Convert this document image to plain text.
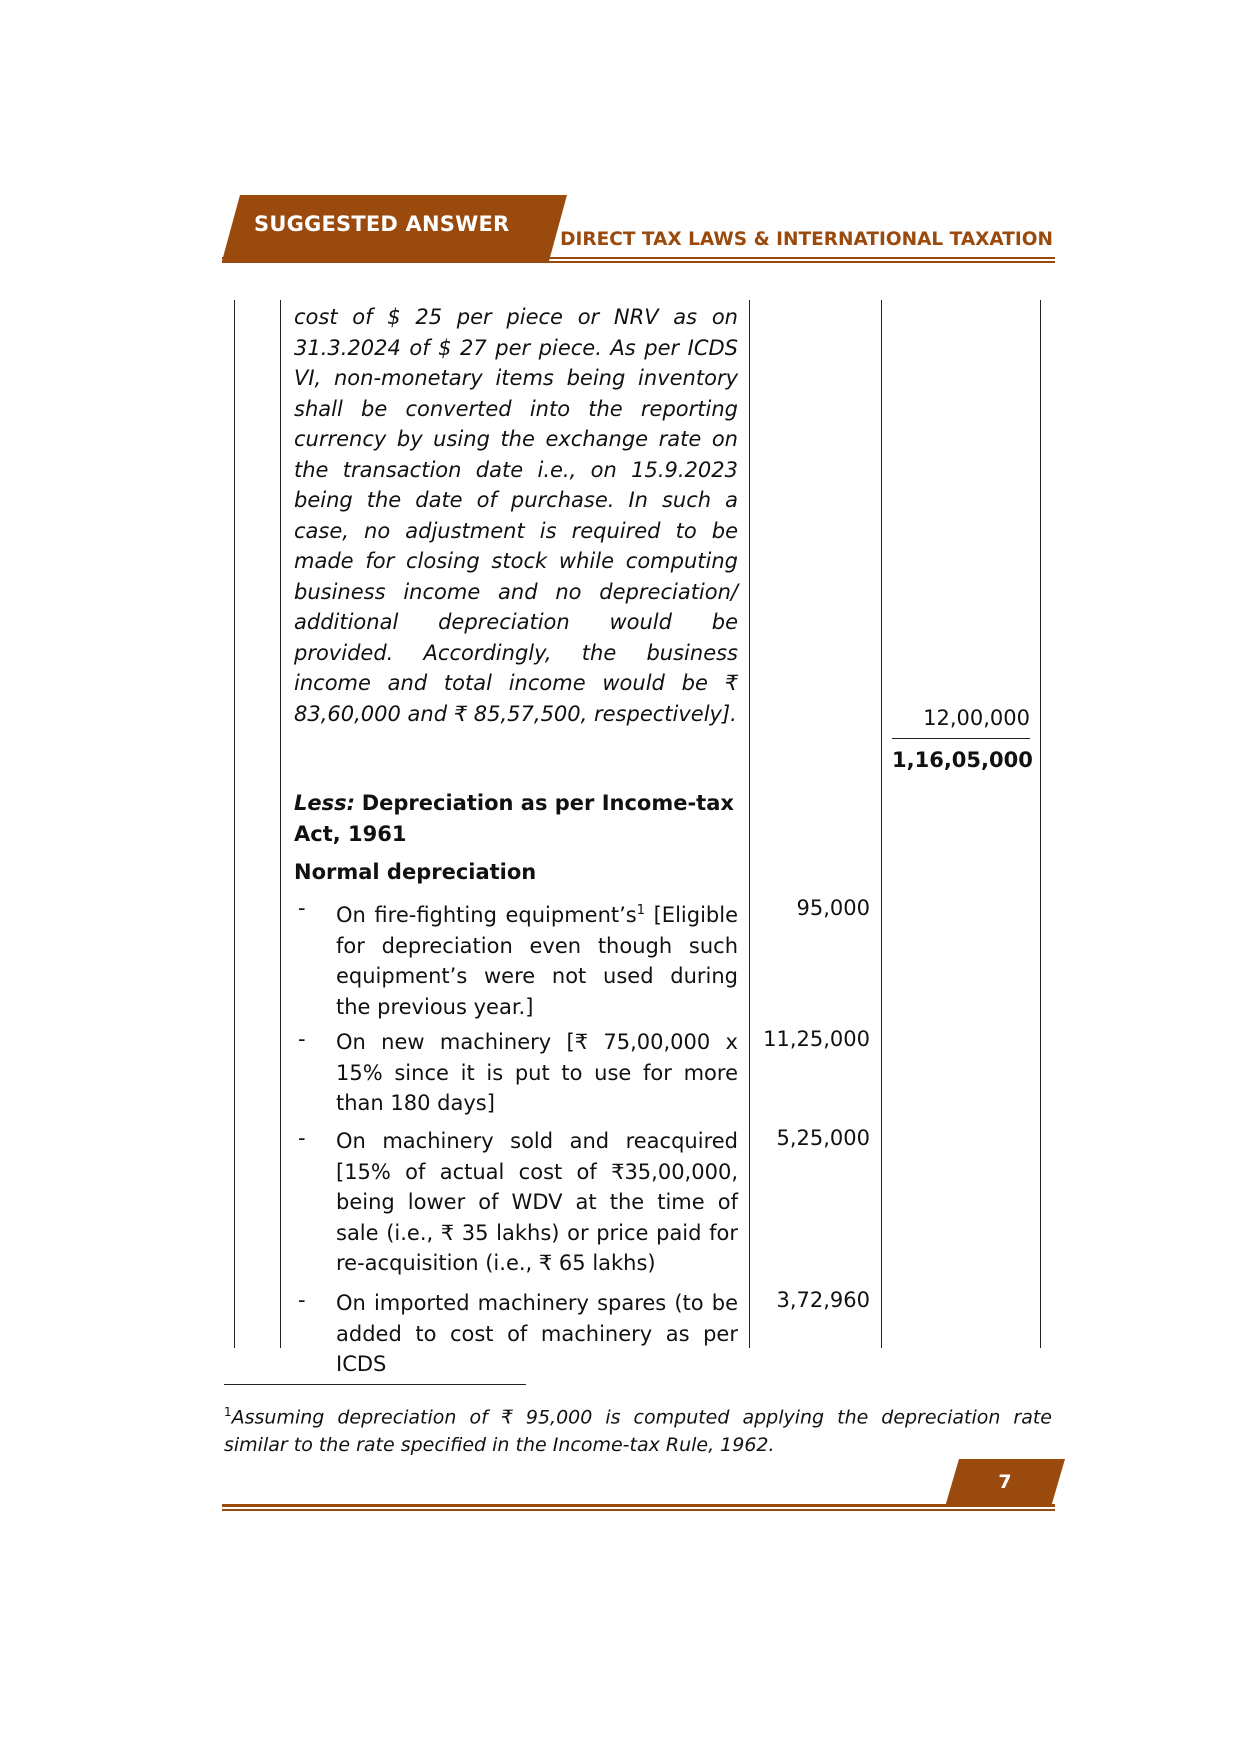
SUGGESTED ANSWER
DIRECT TAX LAWS & INTERNATIONAL TAXATION
cost of $ 25 per piece or NRV as on 31.3.2024 of $ 27 per piece. As per ICDS VI, non-monetary items being inventory shall be converted into the reporting currency by using the exchange rate on the transaction date i.e., on 15.9.2023 being the date of purchase. In such a case, no adjustment is required to be made for closing stock while computing business income and no depreciation/ additional depreciation would be provided. Accordingly, the business income and total income would be ₹ 83,60,000 and ₹ 85,57,500, respectively].	12,00,000
1,16,05,000
Less: Depreciation as per Income-tax Act, 1961
Normal depreciation
- On fire-fighting $equipment’s^1$ [Eligible for depreciation even though such equipment’s were not used during the previous year.]
95,000
- On new machinery [₹ 75,00,000 x 15% since it is put to use for more than 180 days]
11,25,000
- On machinery sold and reacquired [15% of actual cost of ₹35,00,000, being lower of WDV at the time of sale (i.e., ₹ 35 lakhs) or price paid for re-acquisition (i.e., ₹ 65 lakhs)
5,25,000
- On imported machinery spares (to be added to cost of machinery as per ICDS
3,72,960
$^1$Assuming depreciation of ₹ 95,000 is computed applying the depreciation rate similar to the rate specified in the Income-tax Rule, 1962.
7
